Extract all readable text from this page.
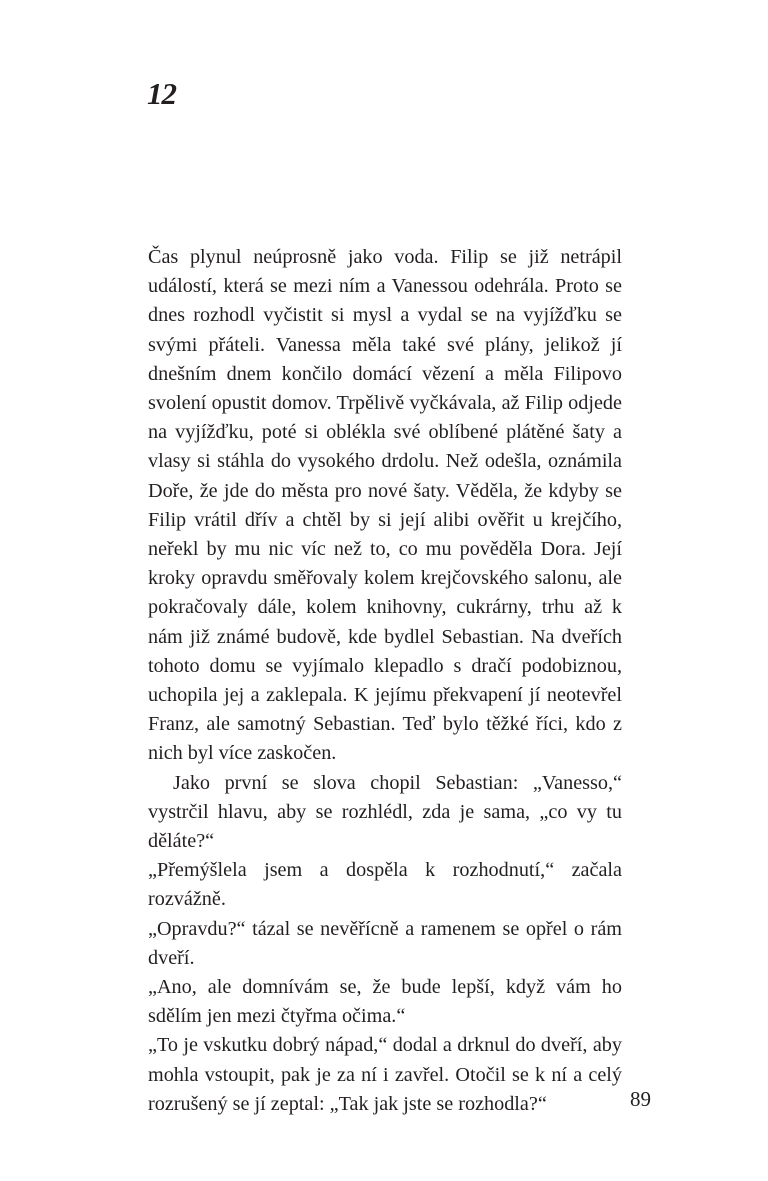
12

Čas plynul neúprosně jako voda. Filip se již netrápil událostí, která se mezi ním a Vanessou odehrála. Proto se dnes rozhodl vyčistit si mysl a vydal se na vyjížďku se svými přáteli. Vanessa měla také své plány, jelikož jí dnešním dnem končilo domácí vězení a měla Filipovo svolení opustit domov. Trpělivě vyčkávala, až Filip odjede na vyjížďku, poté si oblékla své oblíbené plátěné šaty a vlasy si stáhla do vysokého drdolu. Než odešla, oznámila Doře, že jde do města pro nové šaty. Věděla, že kdyby se Filip vrátil dřív a chtěl by si její alibi ověřit u krejčího, neřekl by mu nic víc než to, co mu pověděla Dora. Její kroky opravdu směřovaly kolem krejčovského salonu, ale pokračovaly dále, kolem knihovny, cukrárny, trhu až k nám již známé budově, kde bydlel Sebastian. Na dveřích tohoto domu se vyjímalo klepadlo s dračí podobiznou, uchopila jej a zaklepala. K jejímu překvapení jí neotevřel Franz, ale samotný Sebastian. Teď bylo těžké říci, kdo z nich byl více zaskočen.

Jako první se slova chopil Sebastian: „Vanesso,“ vystrčil hlavu, aby se rozhlédl, zda je sama, „co vy tu děláte?“

„Přemýšlela jsem a dospěla k rozhodnutí,“ začala rozvážně.

„Opravdu?“ tázal se nevěřícně a ramenem se opřel o rám dveří.

„Ano, ale domnívám se, že bude lepší, když vám ho sdělím jen mezi čtyřma očima.“

„To je vskutku dobrý nápad,“ dodal a drknul do dveří, aby mohla vstoupit, pak je za ní i zavřel. Otočil se k ní a celý rozrušený se jí zeptal: „Tak jak jste se rozhodla?“	89
